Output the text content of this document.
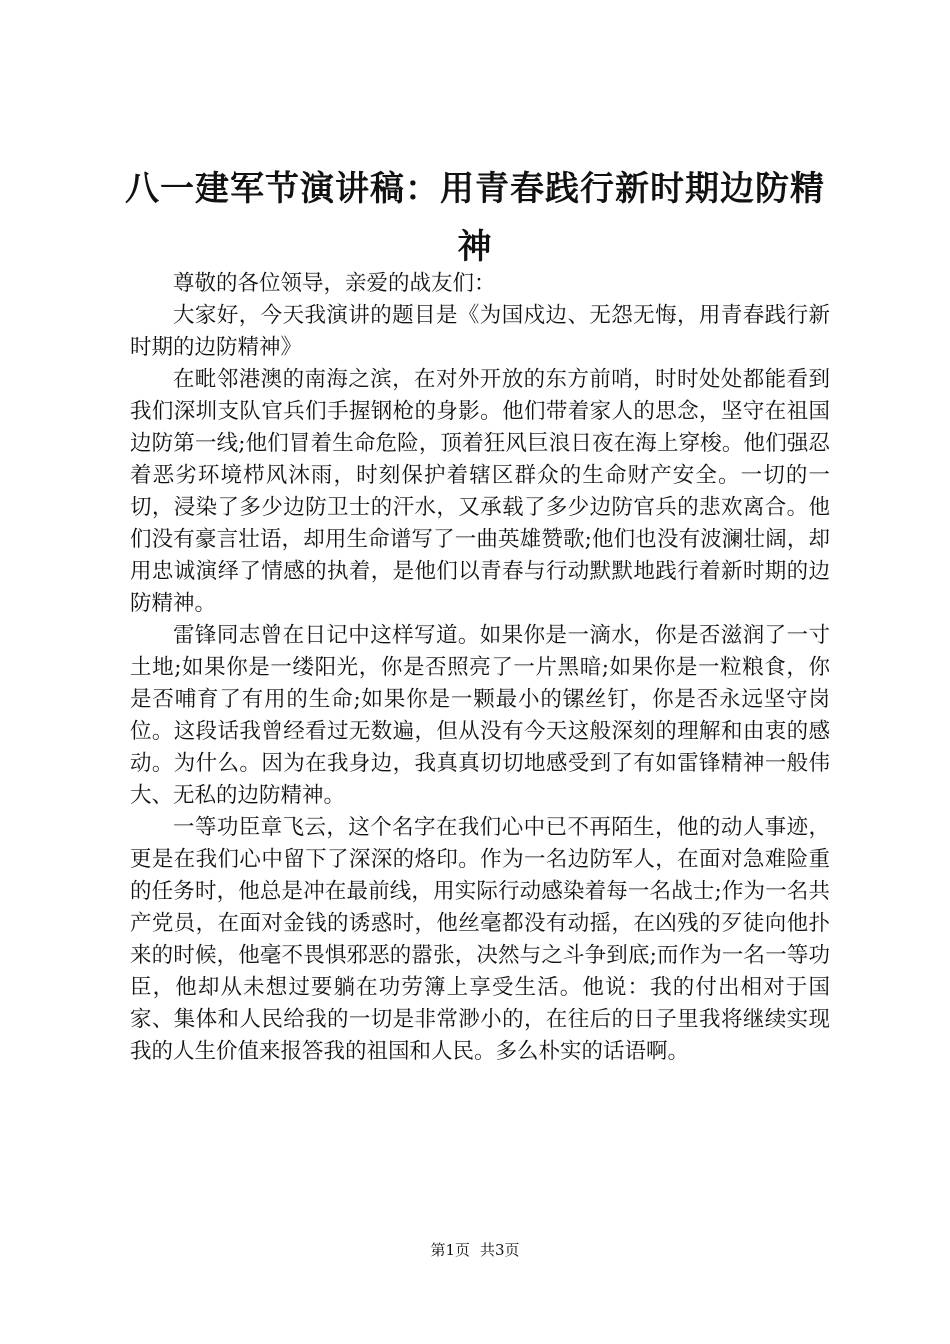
八一建军节演讲稿：用青春践行新时期边防精神

尊敬的各位领导，亲爱的战友们：

大家好，今天我演讲的题目是《为国戍边、无怨无悔，用青春践行新时期的边防精神》

在毗邻港澳的南海之滨，在对外开放的东方前哨，时时处处都能看到我们深圳支队官兵们手握钢枪的身影。他们带着家人的思念，坚守在祖国边防第一线;他们冒着生命危险，顶着狂风巨浪日夜在海上穿梭。他们强忍着恶劣环境栉风沐雨，时刻保护着辖区群众的生命财产安全。一切的一切，浸染了多少边防卫士的汗水，又承载了多少边防官兵的悲欢离合。他们没有豪言壮语，却用生命谱写了一曲英雄赞歌;他们也没有波澜壮阔，却用忠诚演绎了情感的执着，是他们以青春与行动默默地践行着新时期的边防精神。

雷锋同志曾在日记中这样写道。如果你是一滴水，你是否滋润了一寸土地;如果你是一缕阳光，你是否照亮了一片黑暗;如果你是一粒粮食，你是否哺育了有用的生命;如果你是一颗最小的镙丝钉，你是否永远坚守岗位。这段话我曾经看过无数遍，但从没有今天这般深刻的理解和由衷的感动。为什么。因为在我身边，我真真切切地感受到了有如雷锋精神一般伟大、无私的边防精神。

一等功臣章飞云，这个名字在我们心中已不再陌生，他的动人事迹，更是在我们心中留下了深深的烙印。作为一名边防军人，在面对急难险重的任务时，他总是冲在最前线，用实际行动感染着每一名战士;作为一名共产党员，在面对金钱的诱惑时，他丝毫都没有动摇，在凶残的歹徒向他扑来的时候，他毫不畏惧邪恶的嚣张，决然与之斗争到底;而作为一名一等功臣，他却从未想过要躺在功劳簿上享受生活。他说：我的付出相对于国家、集体和人民给我的一切是非常渺小的，在往后的日子里我将继续实现我的人生价值来报答我的祖国和人民。多么朴实的话语啊。

第1页 共3页
